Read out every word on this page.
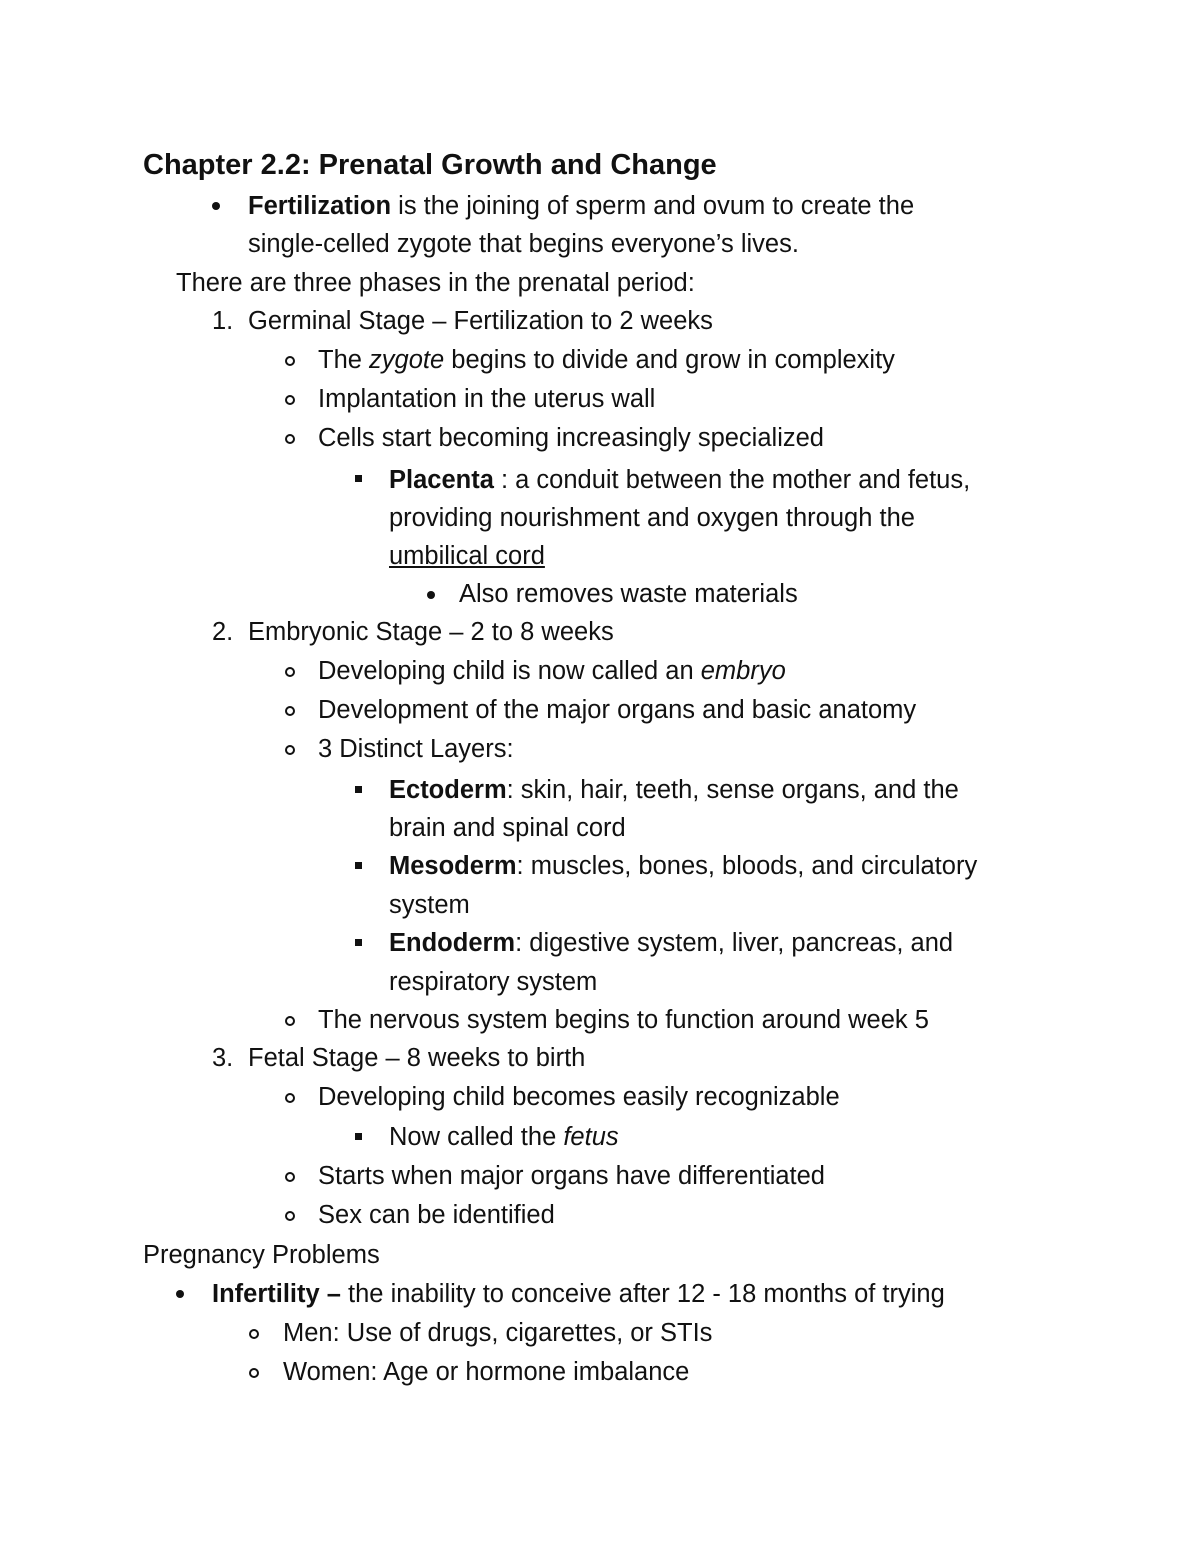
Chapter 2.2: Prenatal Growth and Change
Fertilization is the joining of sperm and ovum to create the
single-celled zygote that begins everyone’s lives.
There are three phases in the prenatal period:
1. Germinal Stage – Fertilization to 2 weeks
The zygote begins to divide and grow in complexity
Implantation in the uterus wall
Cells start becoming increasingly specialized
Placenta : a conduit between the mother and fetus,
providing nourishment and oxygen through the
umbilical cord
Also removes waste materials
2. Embryonic Stage – 2 to 8 weeks
Developing child is now called an embryo
Development of the major organs and basic anatomy
3 Distinct Layers:
Ectoderm: skin, hair, teeth, sense organs, and the
brain and spinal cord
Mesoderm: muscles, bones, bloods, and circulatory
system
Endoderm: digestive system, liver, pancreas, and
respiratory system
The nervous system begins to function around week 5
3. Fetal Stage – 8 weeks to birth
Developing child becomes easily recognizable
Now called the fetus
Starts when major organs have differentiated
Sex can be identified
Pregnancy Problems
Infertility – the inability to conceive after 12 - 18 months of trying
Men: Use of drugs, cigarettes, or STIs
Women: Age or hormone imbalance
